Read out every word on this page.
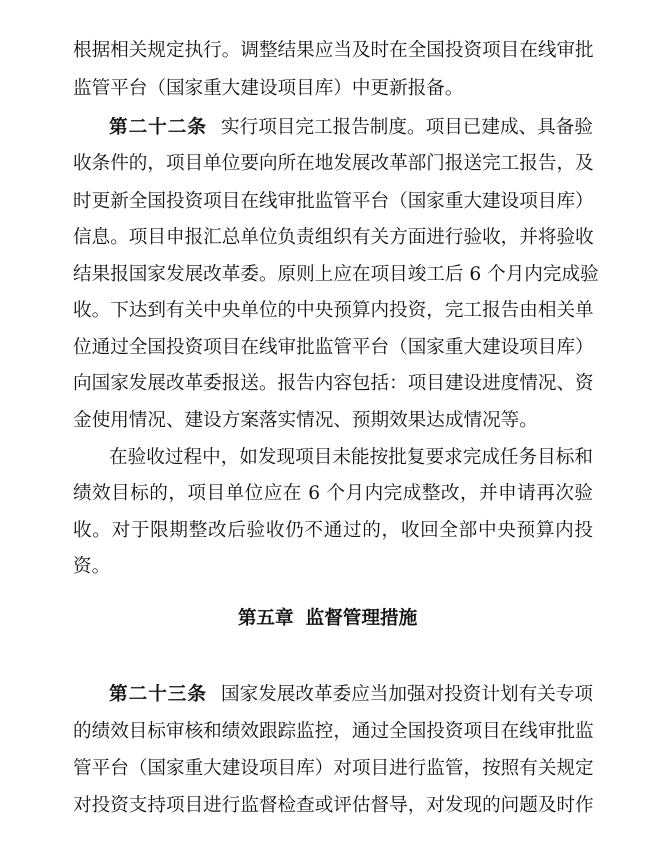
根据相关规定执行。调整结果应当及时在全国投资项目在线审批
监管平台（国家重大建设项目库）中更新报备。
第二十二条 实行项目完工报告制度。项目已建成、具备验
收条件的，项目单位要向所在地发展改革部门报送完工报告，及
时更新全国投资项目在线审批监管平台（国家重大建设项目库）
信息。项目申报汇总单位负责组织有关方面进行验收，并将验收
结果报国家发展改革委。原则上应在项目竣工后 6 个月内完成验
收。下达到有关中央单位的中央预算内投资，完工报告由相关单
位通过全国投资项目在线审批监管平台（国家重大建设项目库）
向国家发展改革委报送。报告内容包括：项目建设进度情况、资
金使用情况、建设方案落实情况、预期效果达成情况等。
在验收过程中，如发现项目未能按批复要求完成任务目标和
绩效目标的，项目单位应在 6 个月内完成整改，并申请再次验
收。对于限期整改后验收仍不通过的，收回全部中央预算内投
资。
第五章 监督管理措施
第二十三条 国家发展改革委应当加强对投资计划有关专项
的绩效目标审核和绩效跟踪监控，通过全国投资项目在线审批监
管平台（国家重大建设项目库）对项目进行监管，按照有关规定
对投资支持项目进行监督检查或评估督导，对发现的问题及时作
